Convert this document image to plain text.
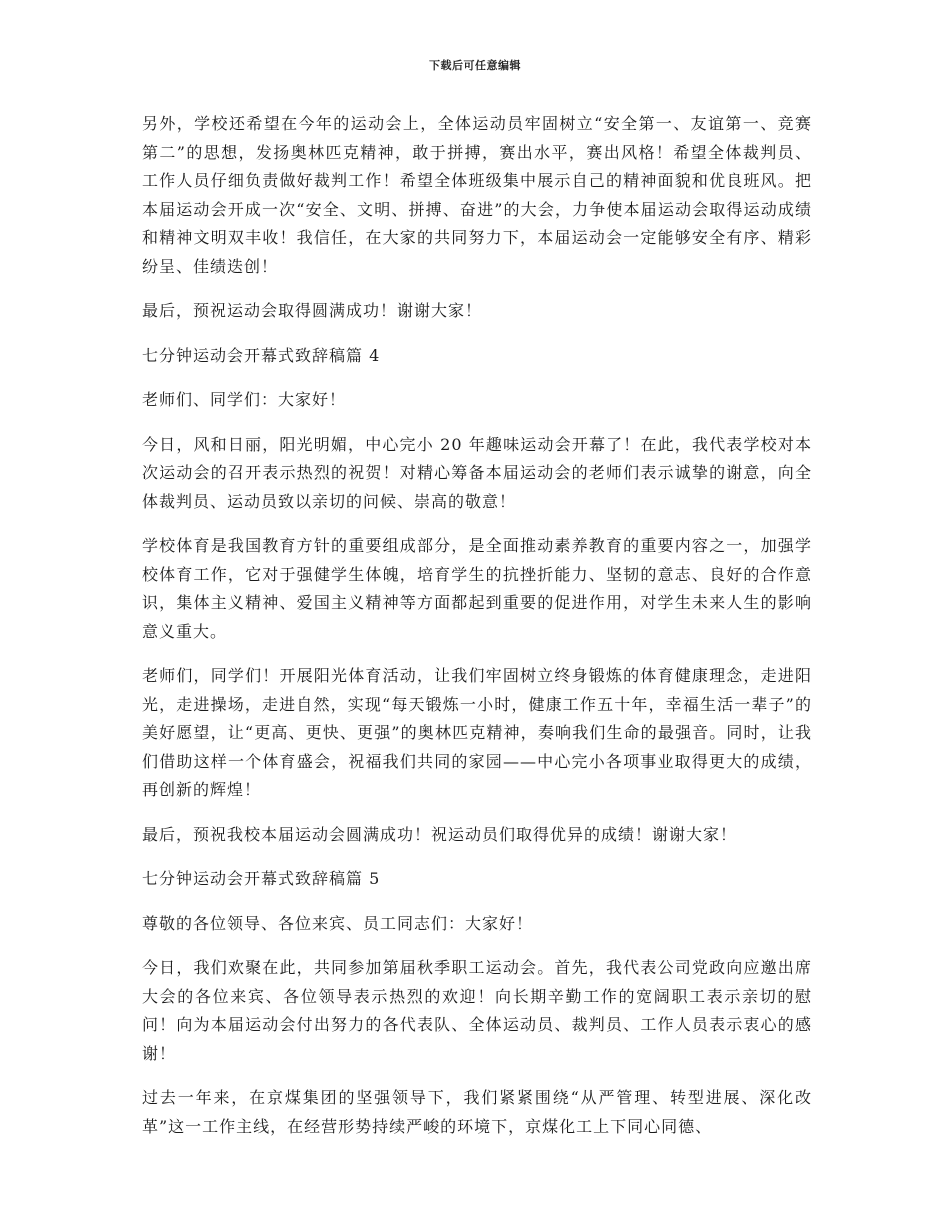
下载后可任意编辑

另外，学校还希望在今年的运动会上，全体运动员牢固树立“安全第一、友谊第一、竞赛第二”的思想，发扬奥林匹克精神，敢于拼搏，赛出水平，赛出风格！希望全体裁判员、工作人员仔细负责做好裁判工作！希望全体班级集中展示自己的精神面貌和优良班风。把本届运动会开成一次“安全、文明、拼搏、奋进”的大会，力争使本届运动会取得运动成绩和精神文明双丰收！我信任，在大家的共同努力下，本届运动会一定能够安全有序、精彩纷呈、佳绩迭创！

最后，预祝运动会取得圆满成功！谢谢大家！

七分钟运动会开幕式致辞稿篇 4

老师们、同学们：大家好！

今日，风和日丽，阳光明媚，中心完小 20 年趣味运动会开幕了！在此，我代表学校对本次运动会的召开表示热烈的祝贺！对精心筹备本届运动会的老师们表示诚挚的谢意，向全体裁判员、运动员致以亲切的问候、崇高的敬意！

学校体育是我国教育方针的重要组成部分，是全面推动素养教育的重要内容之一，加强学校体育工作，它对于强健学生体魄，培育学生的抗挫折能力、坚韧的意志、良好的合作意识，集体主义精神、爱国主义精神等方面都起到重要的促进作用，对学生未来人生的影响意义重大。

老师们，同学们！开展阳光体育活动，让我们牢固树立终身锻炼的体育健康理念，走进阳光，走进操场，走进自然，实现“每天锻炼一小时，健康工作五十年，幸福生活一辈子”的美好愿望，让“更高、更快、更强”的奥林匹克精神，奏响我们生命的最强音。同时，让我们借助这样一个体育盛会，祝福我们共同的家园——中心完小各项事业取得更大的成绩，再创新的辉煌！

最后，预祝我校本届运动会圆满成功！祝运动员们取得优异的成绩！谢谢大家！

七分钟运动会开幕式致辞稿篇 5

尊敬的各位领导、各位来宾、员工同志们：大家好！

今日，我们欢聚在此，共同参加第届秋季职工运动会。首先，我代表公司党政向应邀出席大会的各位来宾、各位领导表示热烈的欢迎！向长期辛勤工作的宽阔职工表示亲切的慰问！向为本届运动会付出努力的各代表队、全体运动员、裁判员、工作人员表示衷心的感谢！

过去一年来，在京煤集团的坚强领导下，我们紧紧围绕“从严管理、转型进展、深化改革”这一工作主线，在经营形势持续严峻的环境下，京煤化工上下同心同德、
